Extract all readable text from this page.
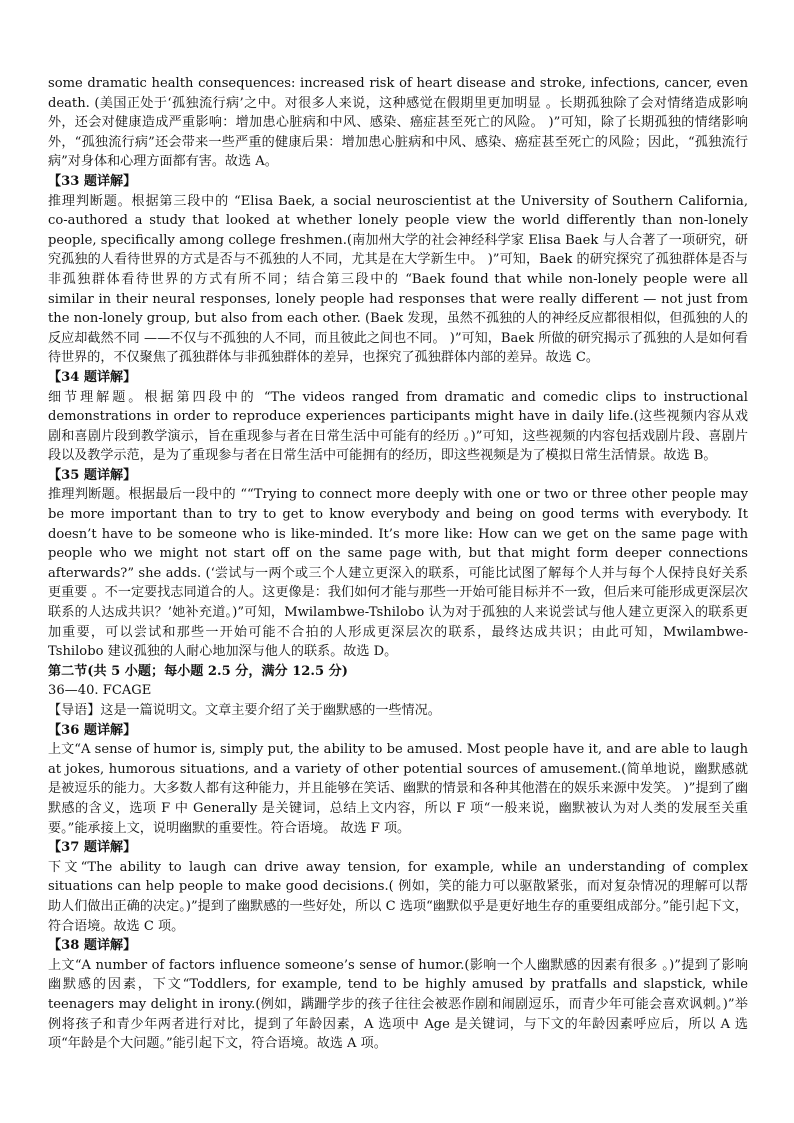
some dramatic health consequences: increased risk of heart disease and stroke, infections, cancer, even death. (美国正处于‘孤独流行病’之中。对很多人来说，这种感觉在假期里更加明显 。长期孤独除了会对情绪造成影响外，还会对健康造成严重影响：增加患心脏病和中风、感染、癌症甚至死亡的风险。 )”可知，除了长期孤独的情绪影响外，“孤独流行病”还会带来一些严重的健康后果：增加患心脏病和中风、感染、癌症甚至死亡的风险；因此，“孤独流行病”对身体和心理方面都有害。故选 A。

【33 题详解】

推理判断题。根据第三段中的 “Elisa Baek, a social neuroscientist at the University of Southern California, co-authored a study that looked at whether lonely people view the world differently than non-lonely people, specifically among college freshmen.(南加州大学的社会神经科学家 Elisa Baek 与人合著了一项研究，研究孤独的人看待世界的方式是否与不孤独的人不同，尤其是在大学新生中。 )”可知，Baek 的研究探究了孤独群体是否与非孤独群体看待世界的方式有所不同；结合第三段中的 “Baek found that while non-lonely people were all similar in their neural responses, lonely people had responses that were really different — not just from the non-lonely group, but also from each other. (Baek 发现，虽然不孤独的人的神经反应都很相似，但孤独的人的反应却截然不同 ——不仅与不孤独的人不同，而且彼此之间也不同。 )”可知，Baek 所做的研究揭示了孤独的人是如何看待世界的，不仅聚焦了孤独群体与非孤独群体的差异，也探究了孤独群体内部的差异。故选 C。

【34 题详解】

细节理解题。根据第四段中的 “The videos ranged from dramatic and comedic clips to instructional demonstrations in order to reproduce experiences participants might have in daily life.(这些视频内容从戏剧和喜剧片段到教学演示，旨在重现参与者在日常生活中可能有的经历 。)”可知，这些视频的内容包括戏剧片段、喜剧片段以及教学示范，是为了重现参与者在日常生活中可能拥有的经历，即这些视频是为了模拟日常生活情景。故选 B。

【35 题详解】

推理判断题。根据最后一段中的 ““Trying to connect more deeply with one or two or three other people may be more important than to try to get to know everybody and being on good terms with everybody. It doesn’t have to be someone who is like-minded. It’s more like: How can we get on the same page with people who we might not start off on the same page with, but that might form deeper connections afterwards?” she adds. (‘尝试与一两个或三个人建立更深入的联系，可能比试图了解每个人并与每个人保持良好关系更重要 。不一定要找志同道合的人。这更像是：我们如何才能与那些一开始可能目标并不一致，但后来可能形成更深层次联系的人达成共识？’她补充道。)”可知，Mwilambwe-Tshilobo 认为对于孤独的人来说尝试与他人建立更深入的联系更加重要，可以尝试和那些一开始可能不合拍的人形成更深层次的联系，最终达成共识；由此可知，Mwilambwe-Tshilobo 建议孤独的人耐心地加深与他人的联系。故选 D。

第二节(共 5 小题；每小题 2.5 分，满分 12.5 分)

36—40. FCAGE

【导语】这是一篇说明文。文章主要介绍了关于幽默感的一些情况。

【36 题详解】

上文“A sense of humor is, simply put, the ability to be amused. Most people have it, and are able to laugh at jokes, humorous situations, and a variety of other potential sources of amusement.(简单地说，幽默感就是被逗乐的能力。大多数人都有这种能力，并且能够在笑话、幽默的情景和各种其他潜在的娱乐来源中发笑。 )”提到了幽默感的含义，选项 F 中 Generally 是关键词，总结上文内容，所以 F 项“一般来说，幽默被认为对人类的发展至关重要。”能承接上文，说明幽默的重要性。符合语境。 故选 F 项。

【37 题详解】

下文“The ability to laugh can drive away tension, for example, while an understanding of complex situations can help people to make good decisions.( 例如，笑的能力可以驱散紧张，而对复杂情况的理解可以帮助人们做出正确的决定。)”提到了幽默感的一些好处，所以 C 选项“幽默似乎是更好地生存的重要组成部分。”能引起下文，符合语境。故选 C 项。

【38 题详解】

上文“A number of factors influence someone’s sense of humor.(影响一个人幽默感的因素有很多 。)”提到了影响幽默感的因素，下文“Toddlers, for example, tend to be highly amused by pratfalls and slapstick, while teenagers may delight in irony.(例如，蹒跚学步的孩子往往会被恶作剧和闹剧逗乐，而青少年可能会喜欢讽刺。)”举例将孩子和青少年两者进行对比，提到了年龄因素，A 选项中 Age 是关键词，与下文的年龄因素呼应后，所以 A 选项“年龄是个大问题。”能引起下文，符合语境。故选 A 项。
